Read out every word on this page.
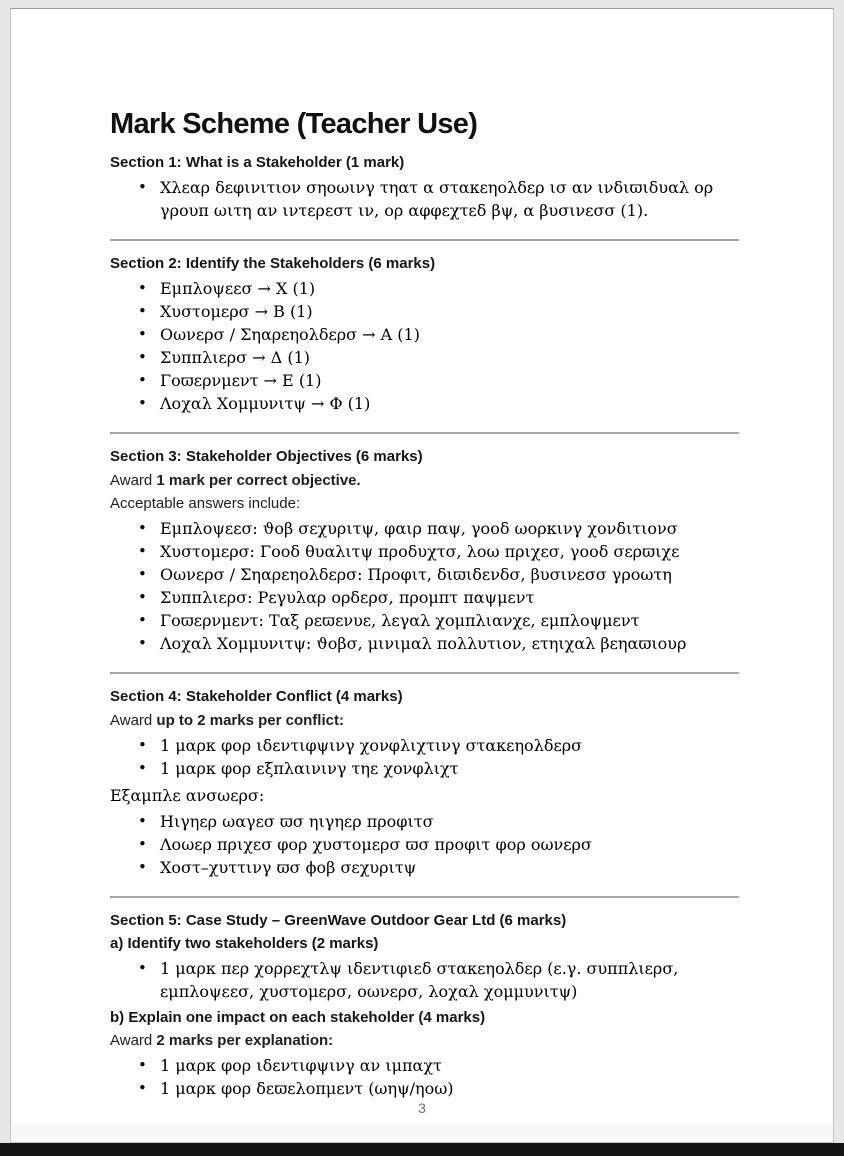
Mark Scheme (Teacher Use)
Section 1: What is a Stakeholder (1 mark)
• Χλεαρ δεφινιτιον σηοωινγ τηατ α στακεηολδερ ισ αν ινδιϖιδυαλ ορ γρουπ ωιτη αν ιντερεστ ιν, ορ αφφεχτεδ βψ, α βυσινεσσ (1).
Section 2: Identify the Stakeholders (6 marks)
• Εμπλοψεεσ → Χ (1)
• Χυστομερσ → Β (1)
• Οωνερσ / Σηαρεηολδερσ → Α (1)
• Συππλιερσ → Δ (1)
• Γοϖερνμεντ → Ε (1)
• Λοχαλ Χομμυνιτψ → Φ (1)
Section 3: Stakeholder Objectives (6 marks)

Award 1 mark per correct objective.

Acceptable answers include:

• Εμπλοψεεσ: ϑοβ σεχυριτψ, φαιρ παψ, γοοδ ωορκινγ χονδιτιονσ
• Χυστομερσ: Γοοδ θυαλιτψ προδυχτσ, λοω πριχεσ, γοοδ σερϖιχε
• Οωνερσ / Σηαρεηολδερσ: Προφιτ, διϖιδενδσ, βυσινεσσ γροωτη
• Συππλιερσ: Ρεγυλαρ ορδερσ, προμπτ παψμεντ
• Γοϖερνμεντ: Ταξ ρεϖενυε, λεγαλ χομπλιανχε, εμπλοψμεντ
• Λοχαλ Χομμυνιτψ: ϑοβσ, μινιμαλ πολλυτιον, ετηιχαλ βεηαϖιουρ
Section 4: Stakeholder Conflict (4 marks)

Award up to 2 marks per conflict:

• 1 μαρκ φορ ιδεντιφψινγ χονφλιχτινγ στακεηολδερσ
• 1 μαρκ φορ εξπλαινινγ τηε χονφλιχτ

Εξαμπλε ανσωερσ:

• Ηιγηερ ωαγεσ ϖσ ηιγηερ προφιτσ
• Λοωερ πριχεσ φορ χυστομερσ ϖσ προφιτ φορ οωνερσ
• Χοστ–χυττινγ ϖσ ϕοβ σεχυριτψ
Section 5: Case Study – GreenWave Outdoor Gear Ltd (6 marks)
a) Identify two stakeholders (2 marks)
• 1 μαρκ περ χορρεχτλψ ιδεντιφιεδ στακεηολδερ (ε.γ. συππλιερσ, εμπλοψεεσ, χυστομερσ, οωνερσ, λοχαλ χομμυνιτψ)
b) Explain one impact on each stakeholder (4 marks)

Award 2 marks per explanation:

• 1 μαρκ φορ ιδεντιφψινγ αν ιμπαχτ
• 1 μαρκ φορ δεϖελοπμεντ (ωηψ/ηοω)
3
